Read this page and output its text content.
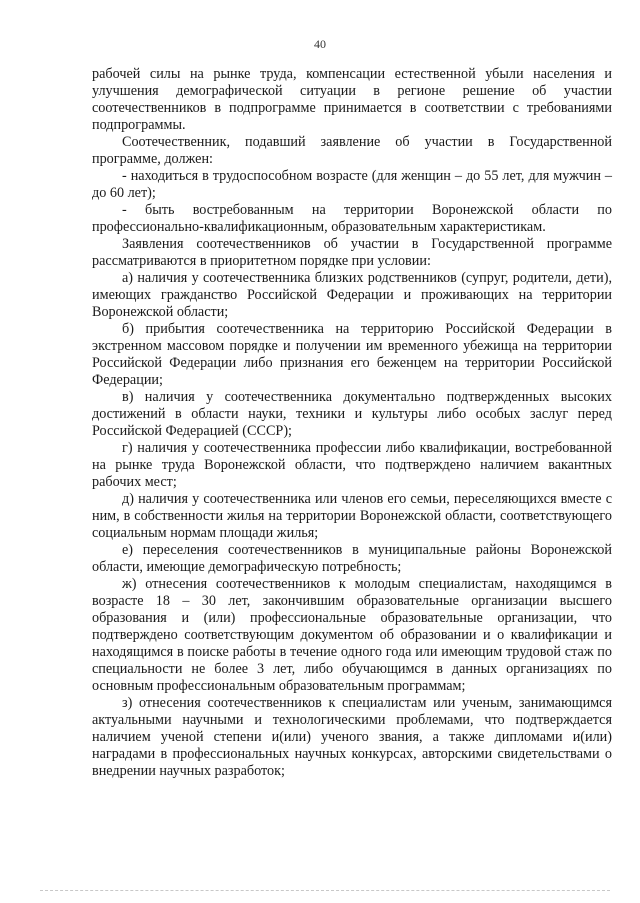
40

рабочей силы на рынке труда, компенсации естественной убыли населения и улучшения демографической ситуации в регионе решение об участии соотечественников в подпрограмме принимается в соответствии с требованиями подпрограммы.

Соотечественник, подавший заявление об участии в Государственной программе, должен:

- находиться в трудоспособном возрасте (для женщин – до 55 лет, для мужчин – до 60 лет);

- быть востребованным на территории Воронежской области по профессионально-квалификационным, образовательным характеристикам.

Заявления соотечественников об участии в Государственной программе рассматриваются в приоритетном порядке при условии:

а) наличия у соотечественника близких родственников (супруг, родители, дети), имеющих гражданство Российской Федерации и проживающих на территории Воронежской области;

б) прибытия соотечественника на территорию Российской Федерации в экстренном массовом порядке и получении им временного убежища на территории Российской Федерации либо признания его беженцем на территории Российской Федерации;

в) наличия у соотечественника документально подтвержденных высоких достижений в области науки, техники и культуры либо особых заслуг перед Российской Федерацией (СССР);

г) наличия у соотечественника профессии либо квалификации, востребованной на рынке труда Воронежской области, что подтверждено наличием вакантных рабочих мест;

д) наличия у соотечественника или членов его семьи, переселяющихся вместе с ним, в собственности жилья на территории Воронежской области, соответствующего социальным нормам площади жилья;

е) переселения соотечественников в муниципальные районы Воронежской области, имеющие демографическую потребность;

ж) отнесения соотечественников к молодым специалистам, находящимся в возрасте 18 – 30 лет, закончившим образовательные организации высшего образования и (или) профессиональные образовательные организации, что подтверждено соответствующим документом об образовании и о квалификации и находящимся в поиске работы в течение одного года или имеющим трудовой стаж по специальности не более 3 лет, либо обучающимся в данных организациях по основным профессиональным образовательным программам;

з) отнесения соотечественников к специалистам или ученым, занимающимся актуальными научными и технологическими проблемами, что подтверждается наличием ученой степени и(или) ученого звания, а также дипломами и(или) наградами в профессиональных научных конкурсах, авторскими свидетельствами о внедрении научных разработок;
